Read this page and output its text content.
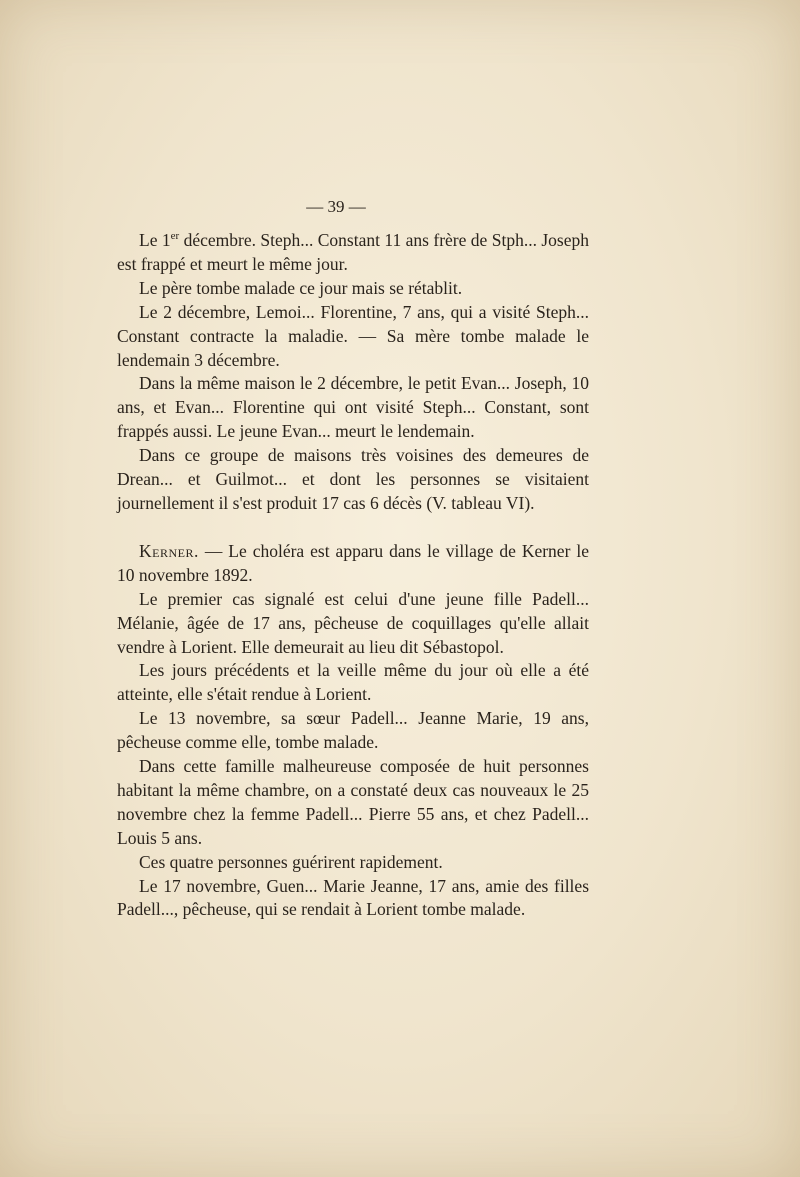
— 39 —

Le 1er décembre. Steph... Constant 11 ans frère de Stph... Joseph est frappé et meurt le même jour.

Le père tombe malade ce jour mais se rétablit.

Le 2 décembre, Lemoi... Florentine, 7 ans, qui a visité Steph... Constant contracte la maladie. — Sa mère tombe malade le lendemain 3 décembre.

Dans la même maison le 2 décembre, le petit Evan... Joseph, 10 ans, et Evan... Florentine qui ont visité Steph... Constant, sont frappés aussi. Le jeune Evan... meurt le lendemain.

Dans ce groupe de maisons très voisines des demeures de Drean... et Guilmot... et dont les personnes se visitaient journellement il s'est produit 17 cas 6 décès (V. tableau VI).

Kerner. — Le choléra est apparu dans le village de Kerner le 10 novembre 1892.

Le premier cas signalé est celui d'une jeune fille Padell... Mélanie, âgée de 17 ans, pêcheuse de coquillages qu'elle allait vendre à Lorient. Elle demeurait au lieu dit Sébastopol.

Les jours précédents et la veille même du jour où elle a été atteinte, elle s'était rendue à Lorient.

Le 13 novembre, sa sœur Padell... Jeanne Marie, 19 ans, pêcheuse comme elle, tombe malade.

Dans cette famille malheureuse composée de huit personnes habitant la même chambre, on a constaté deux cas nouveaux le 25 novembre chez la femme Padell... Pierre 55 ans, et chez Padell... Louis 5 ans.

Ces quatre personnes guérirent rapidement.

Le 17 novembre, Guen... Marie Jeanne, 17 ans, amie des filles Padell..., pêcheuse, qui se rendait à Lorient tombe malade.
